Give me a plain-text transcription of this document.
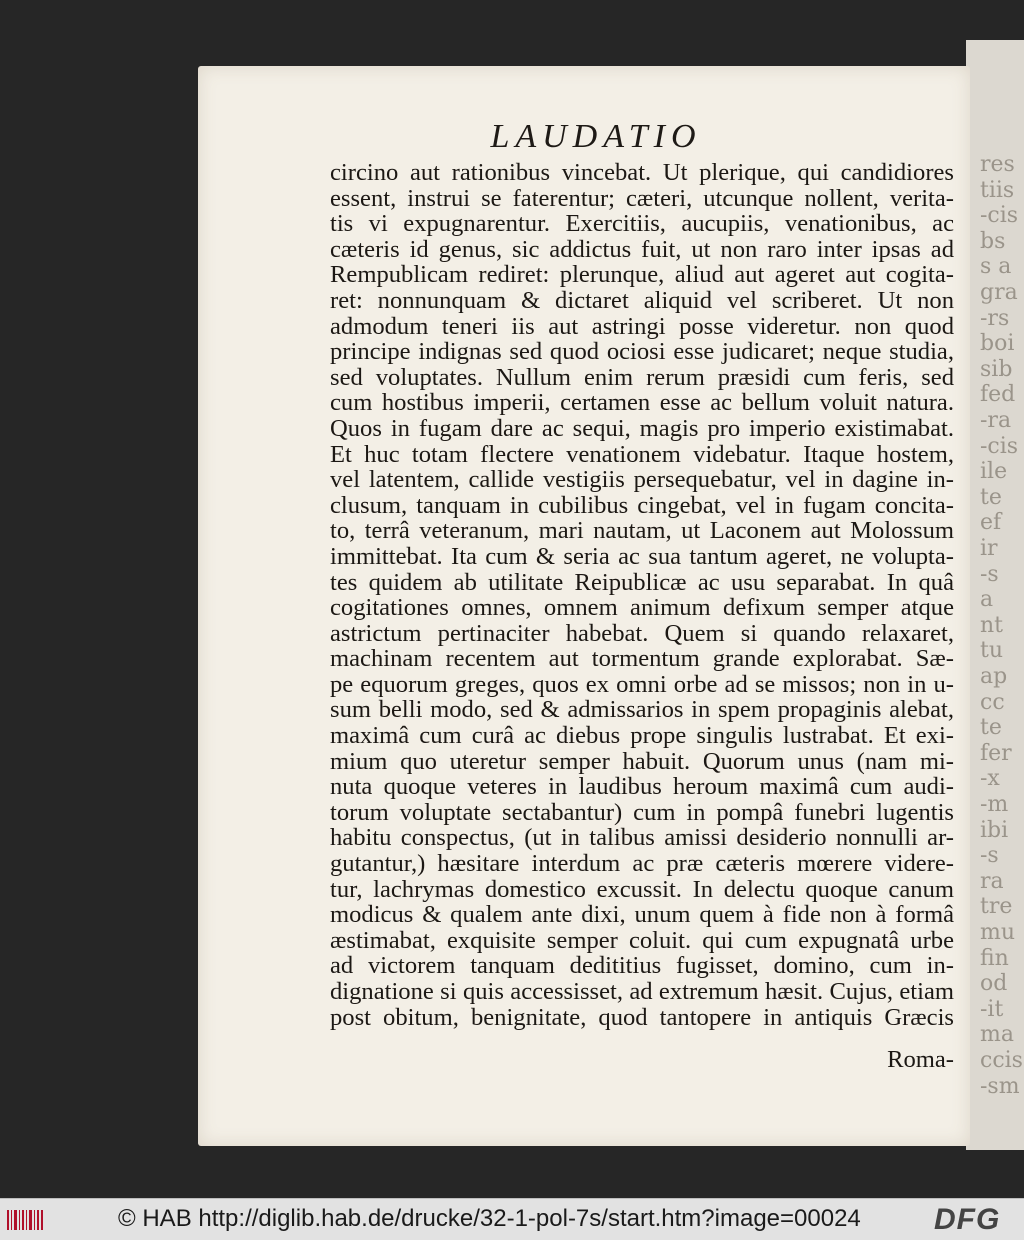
res
tiis
-cis
bs
s a
gra
-rs
boi
sib
fed
-ra
-cis
ile
te
ef
ir
-s
a
nt
tu
ap
cc
te
fer
-x
-m
ibi
-s
ra
tre
mu
fin
od
-it
ma
ccis
-sm
LAUDATIO
circino aut rationibus vincebat. Ut plerique, qui candidiores
essent, instrui se faterentur; cæteri, utcunque nollent, verita-
tis vi expugnarentur. Exercitiis, aucupiis, venationibus, ac
cæteris id genus, sic addictus fuit, ut non raro inter ipsas ad
Rempublicam rediret: plerunque, aliud aut ageret aut cogita-
ret: nonnunquam & dictaret aliquid vel scriberet. Ut non
admodum teneri iis aut astringi posse videretur. non quod
principe indignas sed quod ociosi esse judicaret; neque studia,
sed voluptates. Nullum enim rerum præsidi cum feris, sed
cum hostibus imperii, certamen esse ac bellum voluit natura.
Quos in fugam dare ac sequi, magis pro imperio existimabat.
Et huc totam flectere venationem videbatur. Itaque hostem,
vel latentem, callide vestigiis persequebatur, vel in dagine in-
clusum, tanquam in cubilibus cingebat, vel in fugam concita-
to, terrâ veteranum, mari nautam, ut Laconem aut Molossum
immittebat. Ita cum & seria ac sua tantum ageret, ne volupta-
tes quidem ab utilitate Reipublicæ ac usu separabat. In quâ
cogitationes omnes, omnem animum defixum semper atque
astrictum pertinaciter habebat. Quem si quando relaxaret,
machinam recentem aut tormentum grande explorabat. Sæ-
pe equorum greges, quos ex omni orbe ad se missos; non in u-
sum belli modo, sed & admissarios in spem propaginis alebat,
maximâ cum curâ ac diebus prope singulis lustrabat. Et exi-
mium quo uteretur semper habuit. Quorum unus (nam mi-
nuta quoque veteres in laudibus heroum maximâ cum audi-
torum voluptate sectabantur) cum in pompâ funebri lugentis
habitu conspectus, (ut in talibus amissi desiderio nonnulli ar-
gutantur,) hæsitare interdum ac præ cæteris mœrere videre-
tur, lachrymas domestico excussit. In delectu quoque canum
modicus & qualem ante dixi, unum quem à fide non à formâ
æstimabat, exquisite semper coluit. qui cum expugnatâ urbe
ad victorem tanquam dedititius fugisset, domino, cum in-
dignatione si quis accessisset, ad extremum hæsit. Cujus, etiam
post obitum, benignitate, quod tantopere in antiquis Græcis
Roma-
© HAB http://diglib.hab.de/drucke/32-1-pol-7s/start.htm?image=00024	DFG
